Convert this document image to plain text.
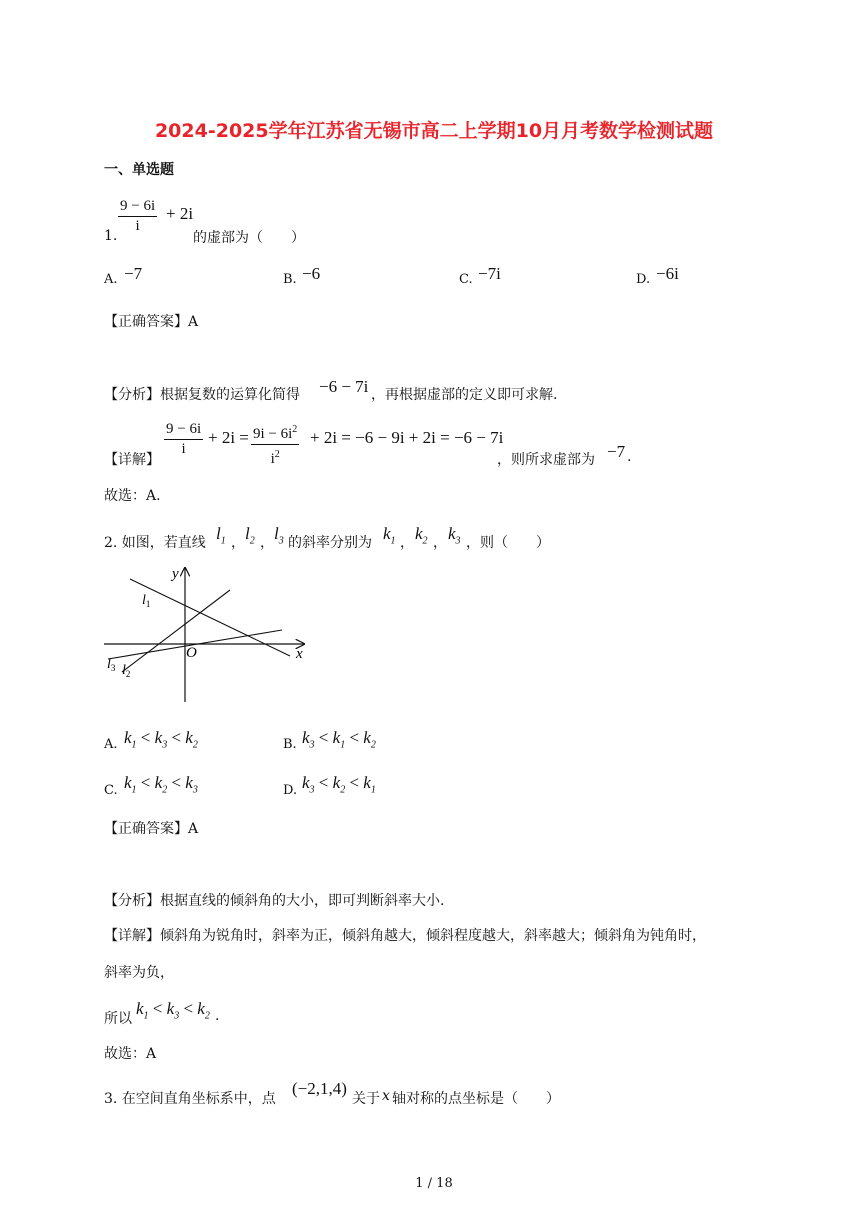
2024-2025学年江苏省无锡市高二上学期10月月考数学检测试题
一、单选题
$\frac{9 - 6i}{i} + 2i$
1.	的虚部为（　　）
A. −7	B. −6	C. −7i	D. −6i
【正确答案】A
【分析】根据复数的运算化简得 −6 − 7i ，再根据虚部的定义即可求解.
【详解】
$\frac{9 - 6i}{i} + 2i = \frac{9i - 6i^2}{i^2} + 2i = -6 - 9i + 2i = -6 - 7i$
，则所求虚部为 −7 .
故选：A.
2. 如图，若直线 $l_1$ ， $l_2$ ， $l_3$ 的斜率分别为 $k_1$ ， $k_2$ ， $k_3$ ，则（　　）
y
x
O
$l_1$
$l_3$ $l_2$
A. $k_1 < k_3 < k_2$	B. $k_3 < k_1 < k_2$
C. $k_1 < k_2 < k_3$	D. $k_3 < k_2 < k_1$
【正确答案】A
【分析】根据直线的倾斜角的大小，即可判断斜率大小.
【详解】倾斜角为锐角时，斜率为正，倾斜角越大，倾斜程度越大，斜率越大；倾斜角为钝角时，
斜率为负，
所以
$k_1 < k_3 < k_2$ .
故选：A
3. 在空间直角坐标系中，点
(−2,1,4)
关于 x 轴对称的点坐标是（　　）
1 / 18
